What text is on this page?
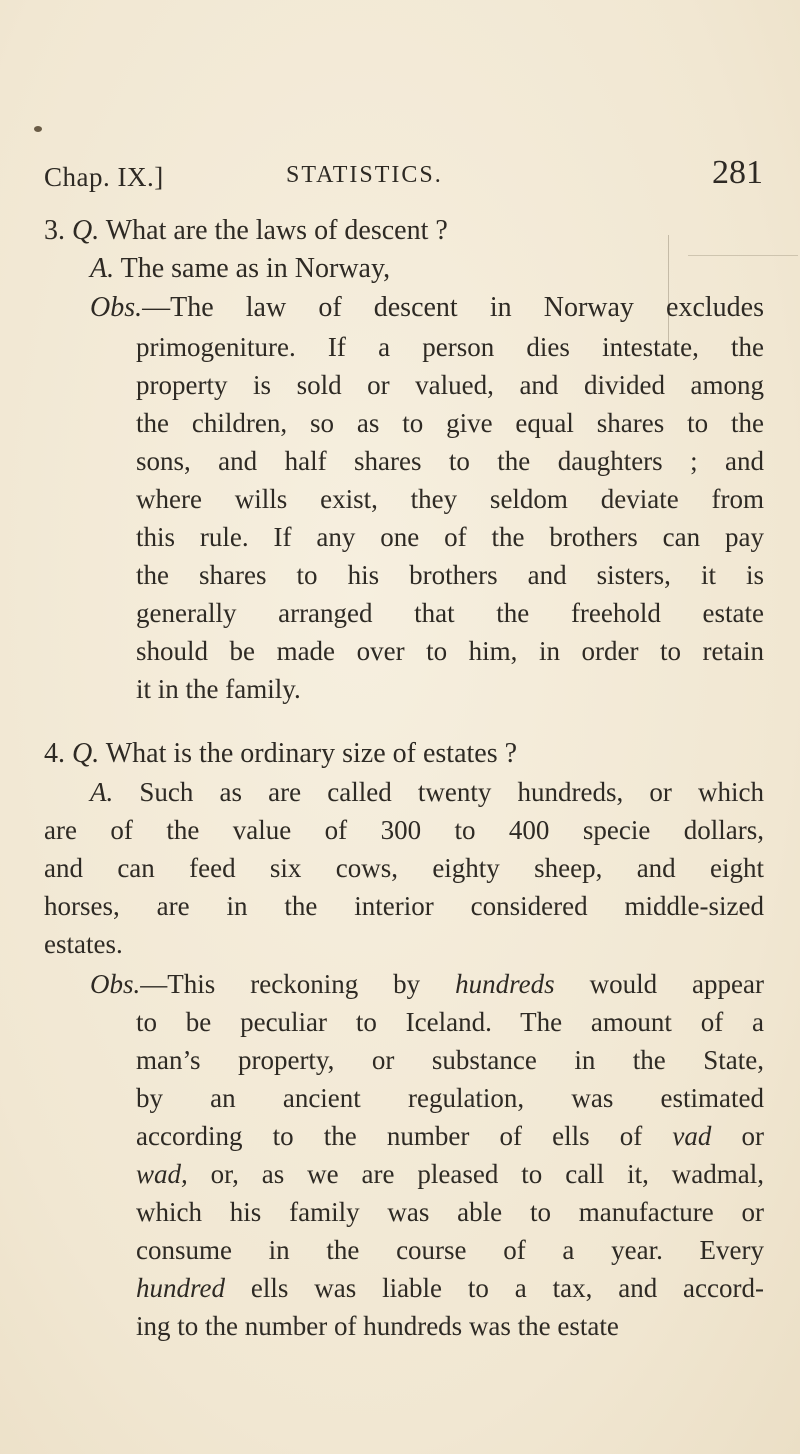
Chap. IX.]	STATISTICS.	281
3. Q. What are the laws of descent ?
A. The same as in Norway,
Obs.—The law of descent in Norway excludes
primogeniture. If a person dies intestate, the
property is sold or valued, and divided among
the children, so as to give equal shares to the
sons, and half shares to the daughters ; and
where wills exist, they seldom deviate from
this rule. If any one of the brothers can pay
the shares to his brothers and sisters, it is
generally arranged that the freehold estate
should be made over to him, in order to retain
it in the family.
4. Q. What is the ordinary size of estates ?
A. Such as are called twenty hundreds, or which
are of the value of 300 to 400 specie dollars,
and can feed six cows, eighty sheep, and eight
horses, are in the interior considered middle-sized
estates.
Obs.—This reckoning by hundreds would appear
to be peculiar to Iceland. The amount of a
man’s property, or substance in the State,
by an ancient regulation, was estimated
according to the number of ells of vad or
wad, or, as we are pleased to call it, wadmal,
which his family was able to manufacture or
consume in the course of a year. Every
hundred ells was liable to a tax, and accord-
ing to the number of hundreds was the estate
